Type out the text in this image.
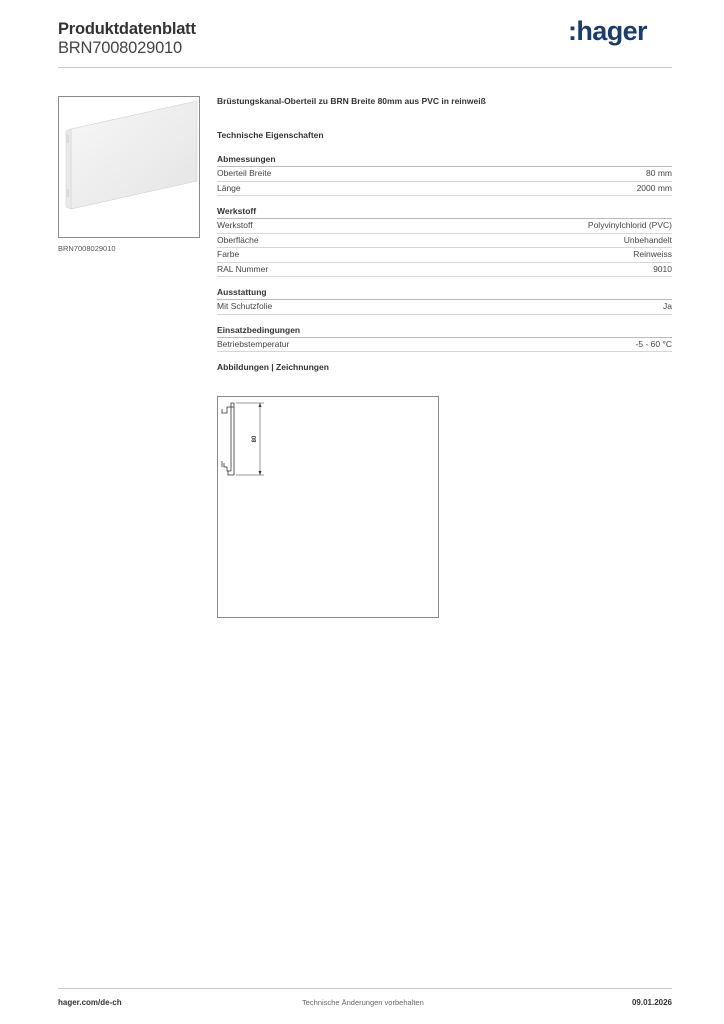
Produktdatenblatt
BRN7008029010
:hager
BRN7008029010
Brüstungskanal-Oberteil zu BRN Breite 80mm aus PVC in reinweiß
Technische Eigenschaften
Abmessungen
Oberteil Breite	80 mm
Länge	2000 mm
Werkstoff
Werkstoff	Polyvinylchlorid (PVC)
Oberfläche	Unbehandelt
Farbe	Reinweiss
RAL Nummer	9010
Ausstattung
Mit Schutzfolie	Ja
Einsatzbedingungen
Betriebstemperatur	-5 - 60 °C
Abbildungen | Zeichnungen
80
hager.com/de-ch	Technische Änderungen vorbehalten	09.01.2026
